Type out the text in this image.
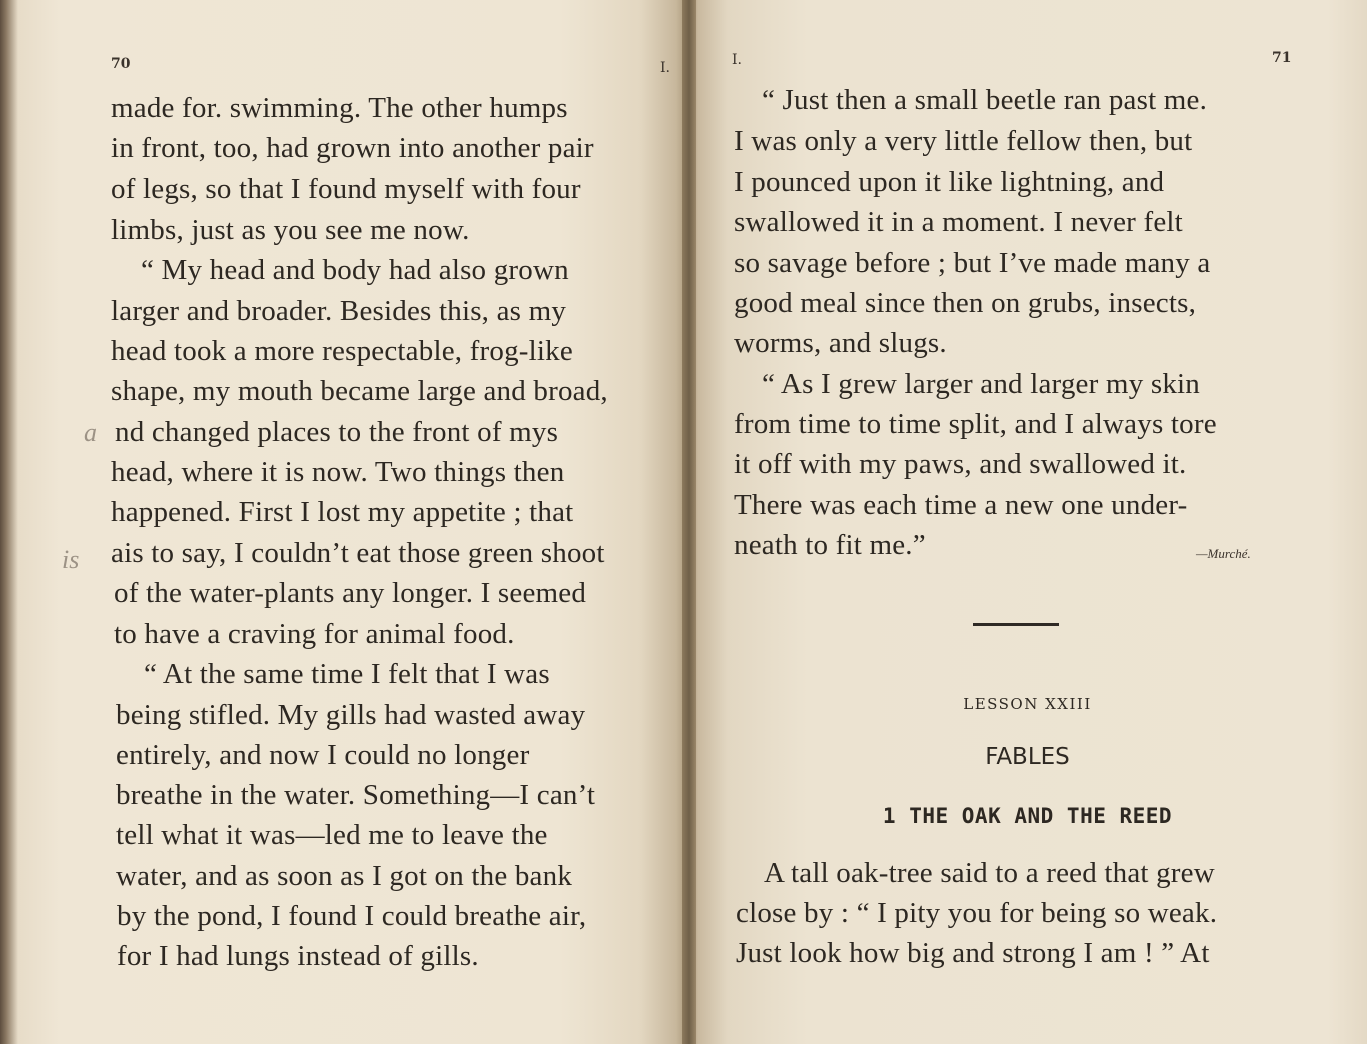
70	I.
a
is
made for. swimming. The other humps
in front, too, had grown into another pair
of legs, so that I found myself with four
limbs, just as you see me now.
“ My head and body had also grown
larger and broader. Besides this, as my
head took a more respectable, frog-like
shape, my mouth became large and broad,
nd changed places to the front of mys
head, where it is now. Two things then
happened. First I lost my appetite ; that
ais to say, I couldn’t eat those green shoot
of the water-plants any longer. I seemed
to have a craving for animal food.
“ At the same time I felt that I was
being stifled. My gills had wasted away
entirely, and now I could no longer
breathe in the water. Something—I can’t
tell what it was—led me to leave the
water, and as soon as I got on the bank
by the pond, I found I could breathe air,
for I had lungs instead of gills.
I.	71
“ Just then a small beetle ran past me.
I was only a very little fellow then, but
I pounced upon it like lightning, and
swallowed it in a moment. I never felt
so savage before ; but I’ve made many a
good meal since then on grubs, insects,
worms, and slugs.
“ As I grew larger and larger my skin
from time to time split, and I always tore
it off with my paws, and swallowed it.
There was each time a new one under-
neath to fit me.”	—Murché.
LESSON XXIII
FABLES
1 THE OAK AND THE REED
A tall oak-tree said to a reed that grew
close by : “ I pity you for being so weak.
Just look how big and strong I am ! ” At
